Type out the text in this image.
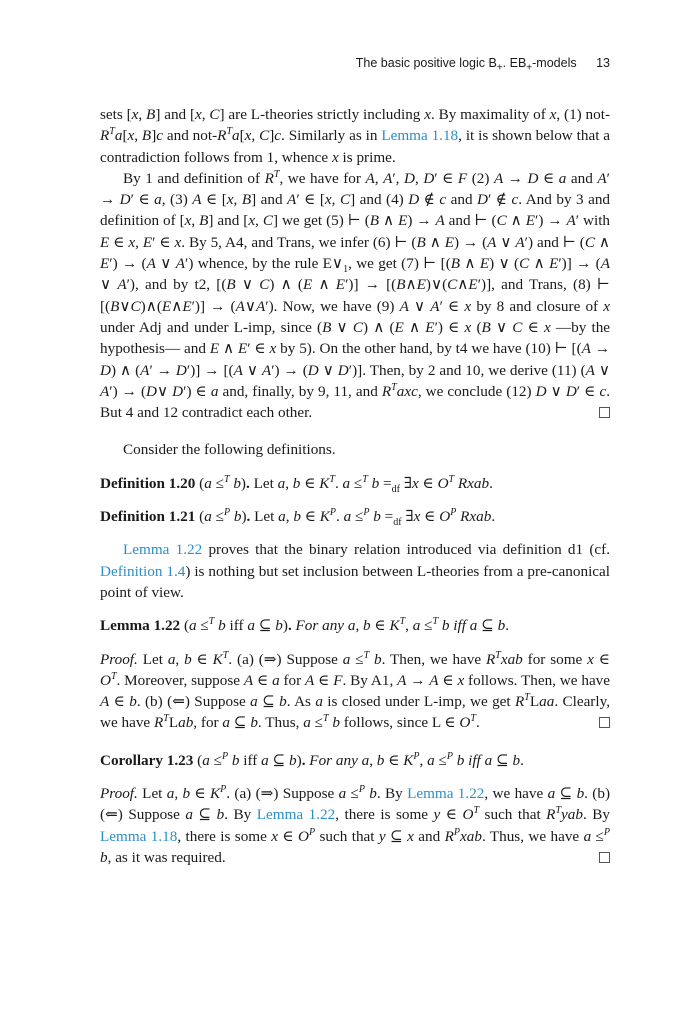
The basic positive logic $B_+$. $EB_+$-models 13

sets [x, B] and [x, C] are L-theories strictly including x. By maximality of x, (1) not-$R^Ta[x$, B]c and not-$R^Ta[x$, C]c. Similarly as in Lemma 1.18, it is shown below that a contradiction follows from 1, whence x is prime.

By 1 and definition of $R^T$, we have for A, A′, D, D′ ∈ F (2) A → D ∈ a and A′ → D′ ∈ a, (3) A ∈ [x, B] and A′ ∈ [x, C] and (4) D ∉ c and D′ ∉ c. And by 3 and definition of [x, B] and [x, C] we get (5) ⊢ (B ∧ E) → A and ⊢ (C ∧ E′) → A′ with E ∈ x, E′ ∈ x. By 5, A4, and Trans, we infer (6) ⊢ (B ∧ E) → (A ∨ A′) and ⊢ (C ∧ E′) → (A ∨ A′) whence, by the rule $E\vee_1$, we get (7) ⊢ [(B ∧ E) ∨ (C ∧ E′)] → (A ∨ A′), and by t2, [(B ∨ C) ∧ (E ∧ E′)] → [(B∧E)∨(C∧E′)], and Trans, (8) ⊢ [(B∨C)∧(E∧E′)] → (A∨A′). Now, we have (9) A ∨ A′ ∈ x by 8 and closure of x under Adj and under L-imp, since (B ∨ C) ∧ (E ∧ E′) ∈ x (B ∨ C ∈ x —by the hypothesis— and E ∧ E′ ∈ x by 5). On the other hand, by t4 we have (10) ⊢ [(A → D) ∧ (A′ → D′)] → [(A ∨ A′) → (D ∨ D′)]. Then, by 2 and 10, we derive (11) (A ∨ A′) → (D∨ D′) ∈ a and, finally, by 9, 11, and $R^Taxc$, we conclude (12) D ∨ D′ ∈ c. But 4 and 12 contradict each other.

Consider the following definitions.

Definition 1.20 (a ≤$^T$ b). Let a, b ∈ $K^T$. a ≤$^T$ $b =_{df}$ ∃x ∈ $O^T$ Rxab.

Definition 1.21 (a ≤$^P$ b). Let a, b ∈ $K^P$. a ≤$^P$ $b =_{df}$ ∃x ∈ $O^P$ Rxab.

Lemma 1.22 proves that the binary relation introduced via definition d1 (cf. Definition 1.4) is nothing but set inclusion between L-theories from a pre-canonical point of view.

Lemma 1.22 (a ≤$^T$ b iff a ⊆ b). For any a, b ∈ $K^T$, a ≤$^T$ b iff a ⊆ b.

Proof. Let a, b ∈ $K^T$. (a) (⇒) Suppose a ≤$^T$ b. Then, we have $R^Txab$ for some x ∈ $O^T$. Moreover, suppose A ∈ a for A ∈ F. By A1, A → A ∈ x follows. Then, we have A ∈ b. (b) (⇐) Suppose a ⊆ b. As a is closed under L-imp, we get $R^TLaa$. Clearly, we have $R^TLab$, for a ⊆ b. Thus, a ≤$^T$ b follows, since L ∈ $O^T$.

Corollary 1.23 (a ≤$^P$ b iff a ⊆ b). For any a, b ∈ $K^P$, a ≤$^P$ b iff a ⊆ b.

Proof. Let a, b ∈ $K^P$. (a) (⇒) Suppose a ≤$^P$ b. By Lemma 1.22, we have a ⊆ b. (b) (⇐) Suppose a ⊆ b. By Lemma 1.22, there is some y ∈ $O^T$ such that $R^Tyab$. By Lemma 1.18, there is some x ∈ $O^P$ such that y ⊆ x and $R^Pxab$. Thus, we have a ≤$^P$ b, as it was required.
